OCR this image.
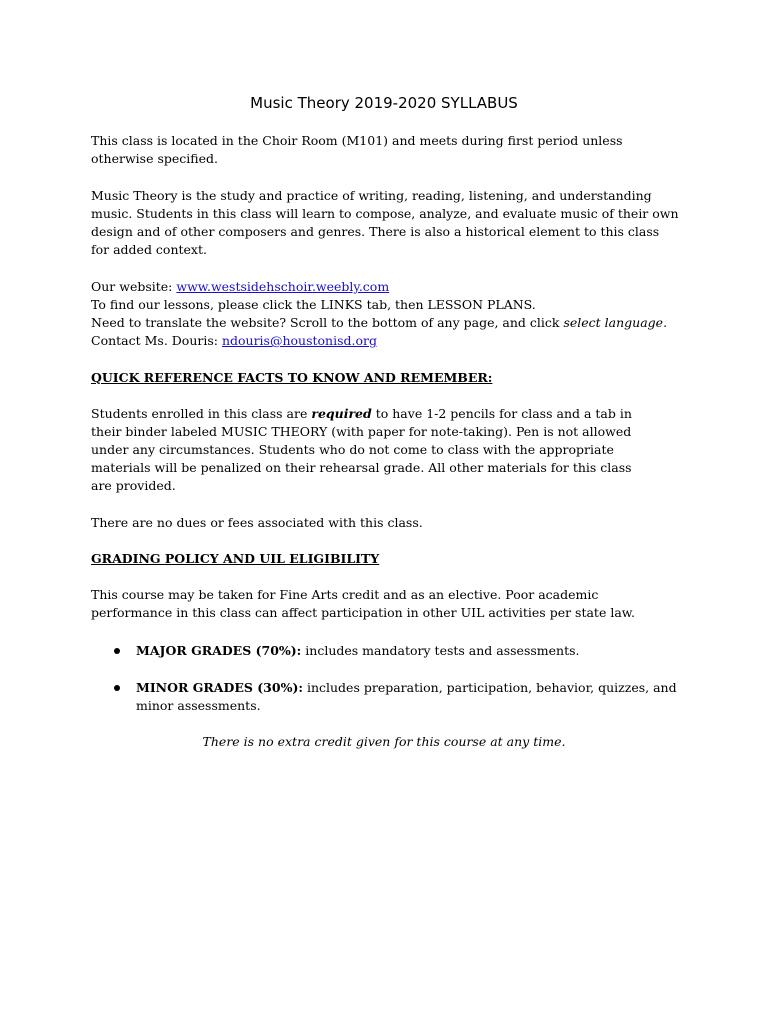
Music Theory 2019-2020 SYLLABUS

This class is located in the Choir Room (M101) and meets during first period unless
otherwise specified.

Music Theory is the study and practice of writing, reading, listening, and understanding
music. Students in this class will learn to compose, analyze, and evaluate music of their own
design and of other composers and genres. There is also a historical element to this class
for added context.

Our website: www.westsidehschoir.weebly.com
To find our lessons, please click the LINKS tab, then LESSON PLANS.
Need to translate the website? Scroll to the bottom of any page, and click select language.
Contact Ms. Douris: ndouris@houstonisd.org

QUICK REFERENCE FACTS TO KNOW AND REMEMBER:

Students enrolled in this class are required to have 1-2 pencils for class and a tab in
their binder labeled MUSIC THEORY (with paper for note-taking). Pen is not allowed
under any circumstances. Students who do not come to class with the appropriate
materials will be penalized on their rehearsal grade. All other materials for this class
are provided.

There are no dues or fees associated with this class.

GRADING POLICY AND UIL ELIGIBILITY

This course may be taken for Fine Arts credit and as an elective. Poor academic
performance in this class can affect participation in other UIL activities per state law.

MAJOR GRADES (70%): includes mandatory tests and assessments.
MINOR GRADES (30%): includes preparation, participation, behavior, quizzes, and
minor assessments.

There is no extra credit given for this course at any time.
